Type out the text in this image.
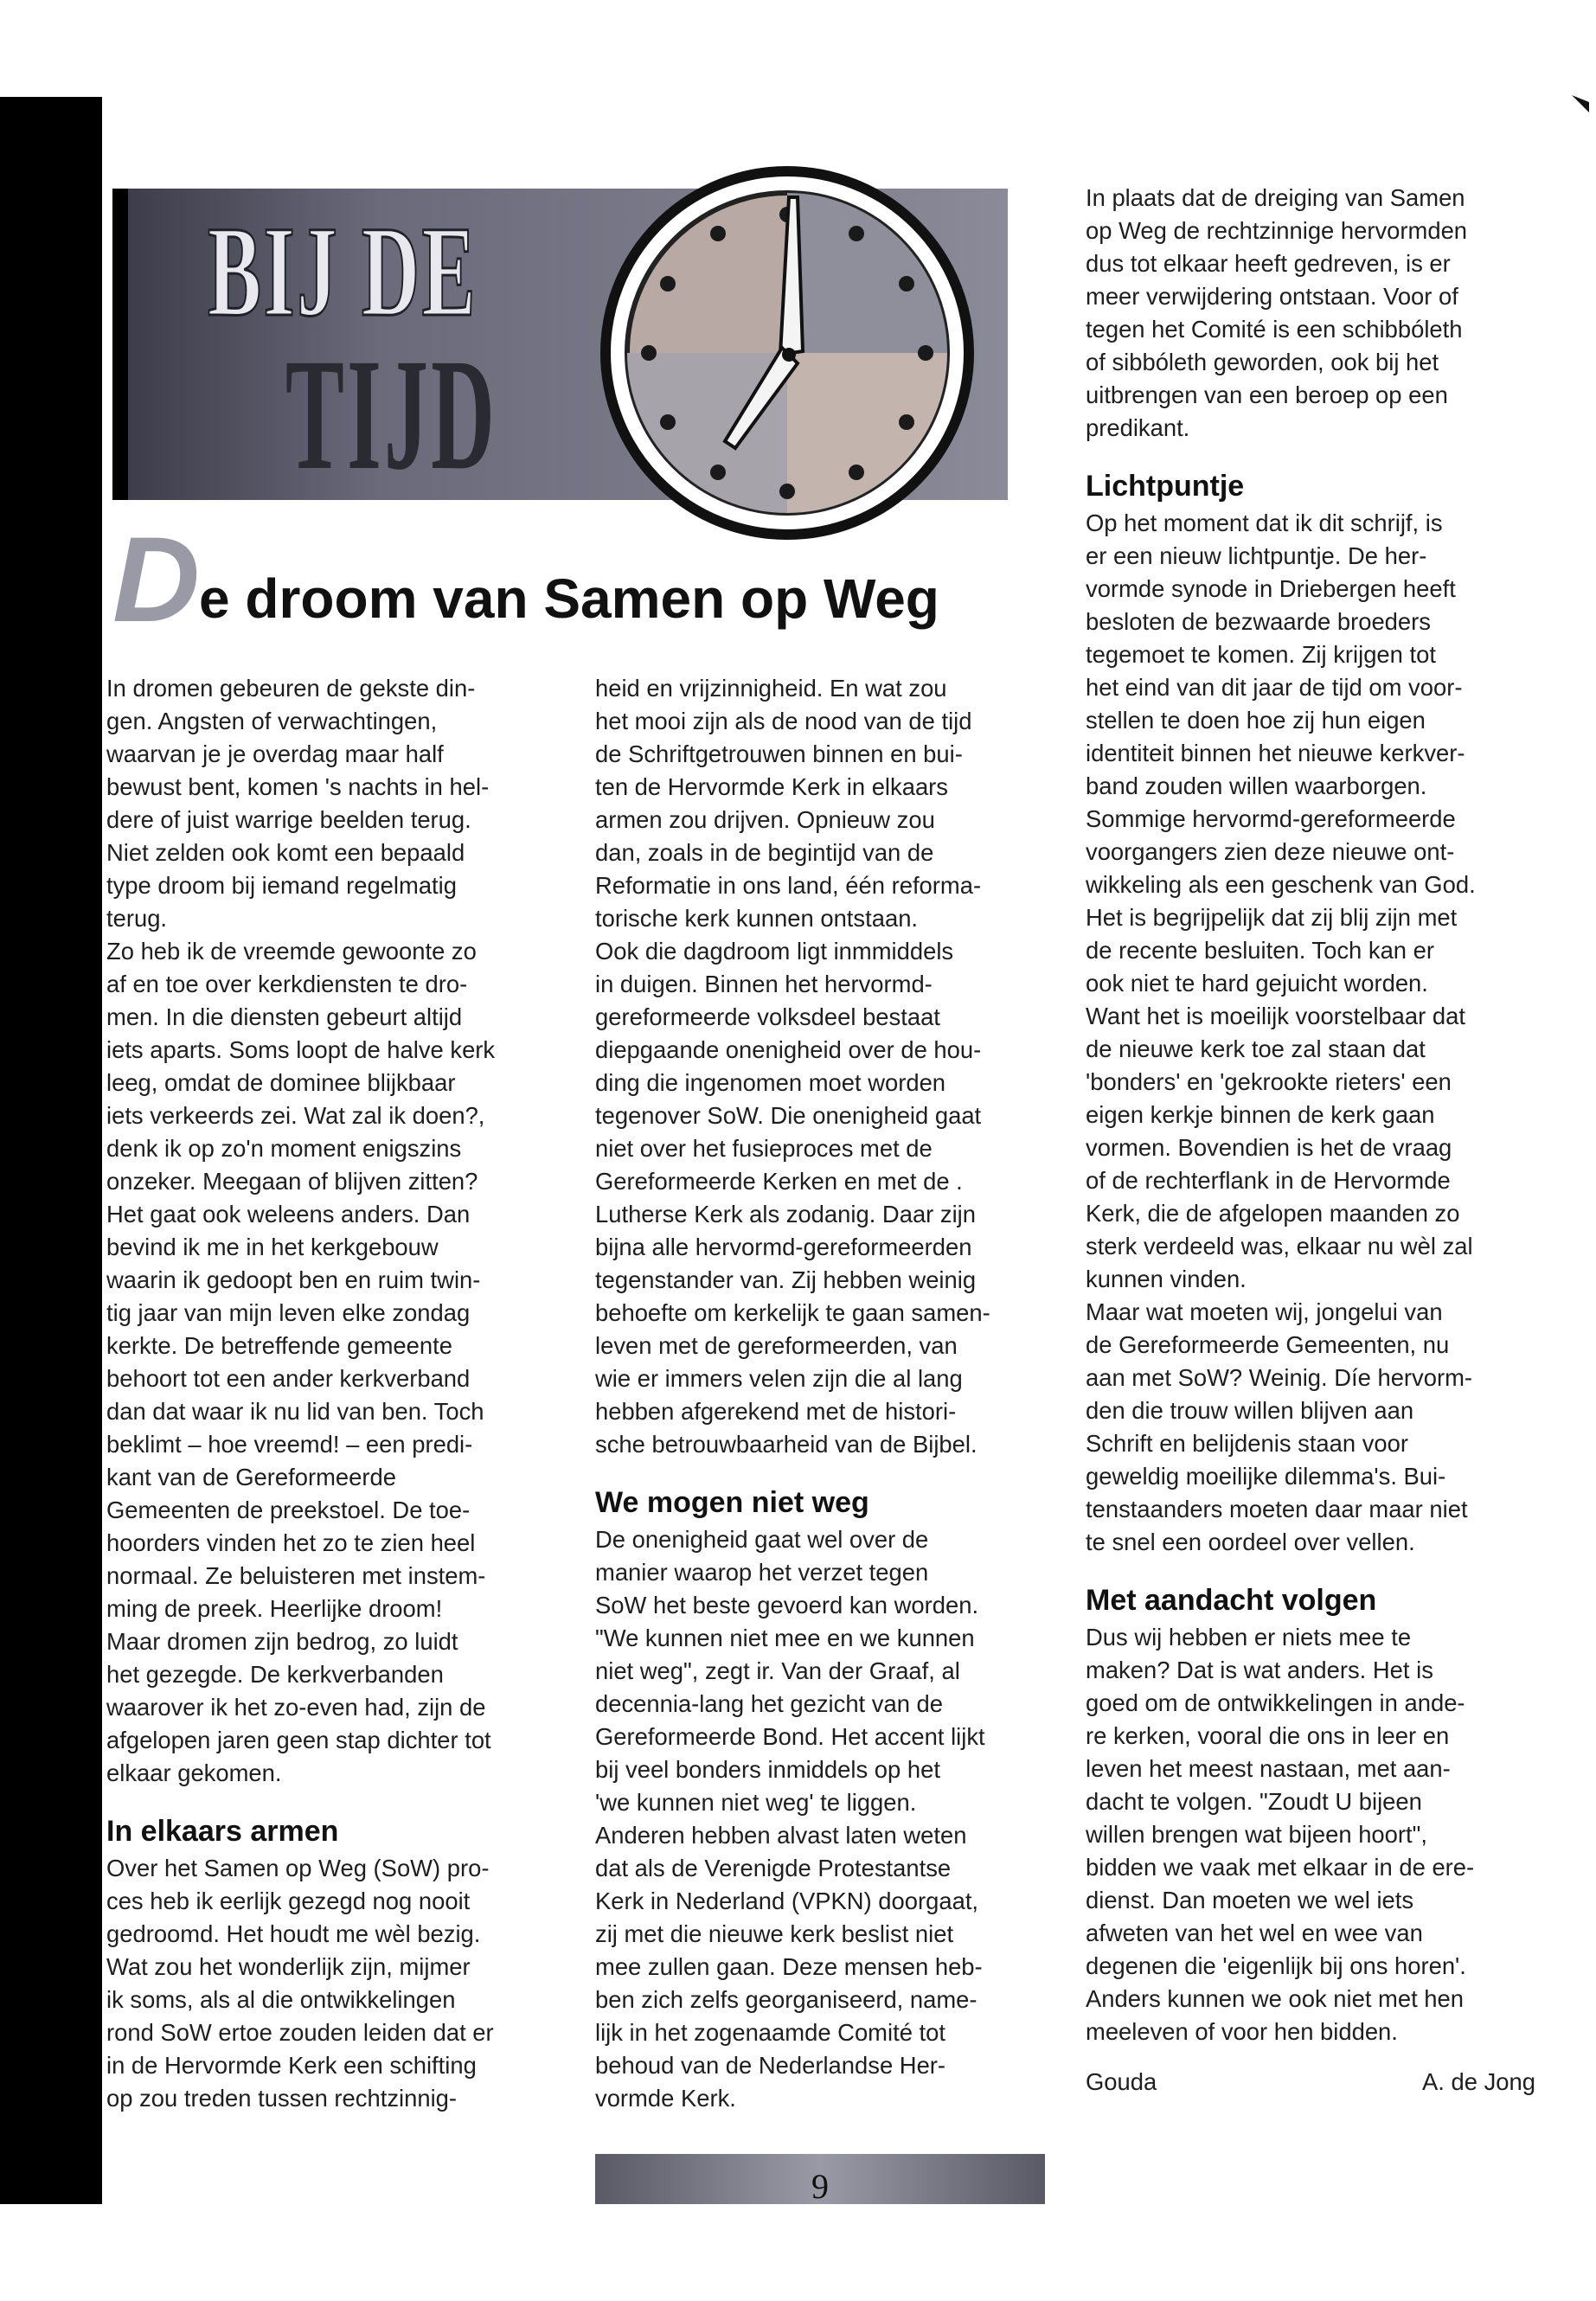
BIJ DE
TIJD
D
e droom van Samen op Weg

In dromen gebeuren de gekste din-
gen. Angsten of verwachtingen,
waarvan je je overdag maar half
bewust bent, komen 's nachts in hel-
dere of juist warrige beelden terug.
Niet zelden ook komt een bepaald
type droom bij iemand regelmatig
terug.

Zo heb ik de vreemde gewoonte zo
af en toe over kerkdiensten te dro-
men. In die diensten gebeurt altijd
iets aparts. Soms loopt de halve kerk
leeg, omdat de dominee blijkbaar
iets verkeerds zei. Wat zal ik doen?,
denk ik op zo'n moment enigszins
onzeker. Meegaan of blijven zitten?
Het gaat ook weleens anders. Dan
bevind ik me in het kerkgebouw
waarin ik gedoopt ben en ruim twin-
tig jaar van mijn leven elke zondag
kerkte. De betreffende gemeente
behoort tot een ander kerkverband
dan dat waar ik nu lid van ben. Toch
beklimt – hoe vreemd! – een predi-
kant van de Gereformeerde
Gemeenten de preekstoel. De toe-
hoorders vinden het zo te zien heel
normaal. Ze beluisteren met instem-
ming de preek. Heerlijke droom!
Maar dromen zijn bedrog, zo luidt
het gezegde. De kerkverbanden
waarover ik het zo-even had, zijn de
afgelopen jaren geen stap dichter tot
elkaar gekomen.

In elkaars armen

Over het Samen op Weg (SoW) pro-
ces heb ik eerlijk gezegd nog nooit
gedroomd. Het houdt me wèl bezig.
Wat zou het wonderlijk zijn, mijmer
ik soms, als al die ontwikkelingen
rond SoW ertoe zouden leiden dat er
in de Hervormde Kerk een schifting
op zou treden tussen rechtzinnig-

heid en vrijzinnigheid. En wat zou
het mooi zijn als de nood van de tijd
de Schriftgetrouwen binnen en bui-
ten de Hervormde Kerk in elkaars
armen zou drijven. Opnieuw zou
dan, zoals in de begintijd van de
Reformatie in ons land, één reforma-
torische kerk kunnen ontstaan.

Ook die dagdroom ligt inmmiddels
in duigen. Binnen het hervormd-
gereformeerde volksdeel bestaat
diepgaande onenigheid over de hou-
ding die ingenomen moet worden
tegenover SoW. Die onenigheid gaat
niet over het fusieproces met de
Gereformeerde Kerken en met de .
Lutherse Kerk als zodanig. Daar zijn
bijna alle hervormd-gereformeerden
tegenstander van. Zij hebben weinig
behoefte om kerkelijk te gaan samen-
leven met de gereformeerden, van
wie er immers velen zijn die al lang
hebben afgerekend met de histori-
sche betrouwbaarheid van de Bijbel.

We mogen niet weg

De onenigheid gaat wel over de
manier waarop het verzet tegen
SoW het beste gevoerd kan worden.
"We kunnen niet mee en we kunnen
niet weg", zegt ir. Van der Graaf, al
decennia-lang het gezicht van de
Gereformeerde Bond. Het accent lijkt
bij veel bonders inmiddels op het
'we kunnen niet weg' te liggen.
Anderen hebben alvast laten weten
dat als de Verenigde Protestantse
Kerk in Nederland (VPKN) doorgaat,
zij met die nieuwe kerk beslist niet
mee zullen gaan. Deze mensen heb-
ben zich zelfs georganiseerd, name-
lijk in het zogenaamde Comité tot
behoud van de Nederlandse Her-
vormde Kerk.

In plaats dat de dreiging van Samen
op Weg de rechtzinnige hervormden
dus tot elkaar heeft gedreven, is er
meer verwijdering ontstaan. Voor of
tegen het Comité is een schibbóleth
of sibbóleth geworden, ook bij het
uitbrengen van een beroep op een
predikant.

Lichtpuntje

Op het moment dat ik dit schrijf, is
er een nieuw lichtpuntje. De her-
vormde synode in Driebergen heeft
besloten de bezwaarde broeders
tegemoet te komen. Zij krijgen tot
het eind van dit jaar de tijd om voor-
stellen te doen hoe zij hun eigen
identiteit binnen het nieuwe kerkver-
band zouden willen waarborgen.
Sommige hervormd-gereformeerde
voorgangers zien deze nieuwe ont-
wikkeling als een geschenk van God.
Het is begrijpelijk dat zij blij zijn met
de recente besluiten. Toch kan er
ook niet te hard gejuicht worden.
Want het is moeilijk voorstelbaar dat
de nieuwe kerk toe zal staan dat
'bonders' en 'gekrookte rieters' een
eigen kerkje binnen de kerk gaan
vormen. Bovendien is het de vraag
of de rechterflank in de Hervormde
Kerk, die de afgelopen maanden zo
sterk verdeeld was, elkaar nu wèl zal
kunnen vinden.

Maar wat moeten wij, jongelui van
de Gereformeerde Gemeenten, nu
aan met SoW? Weinig. Díe hervorm-
den die trouw willen blijven aan
Schrift en belijdenis staan voor
geweldig moeilijke dilemma's. Bui-
tenstaanders moeten daar maar niet
te snel een oordeel over vellen.

Met aandacht volgen

Dus wij hebben er niets mee te
maken? Dat is wat anders. Het is
goed om de ontwikkelingen in ande-
re kerken, vooral die ons in leer en
leven het meest nastaan, met aan-
dacht te volgen. "Zoudt U bijeen
willen brengen wat bijeen hoort",
bidden we vaak met elkaar in de ere-
dienst. Dan moeten we wel iets
afweten van het wel en wee van
degenen die 'eigenlijk bij ons horen'.
Anders kunnen we ook niet met hen
meeleven of voor hen bidden.

Gouda	A. de Jong
9
